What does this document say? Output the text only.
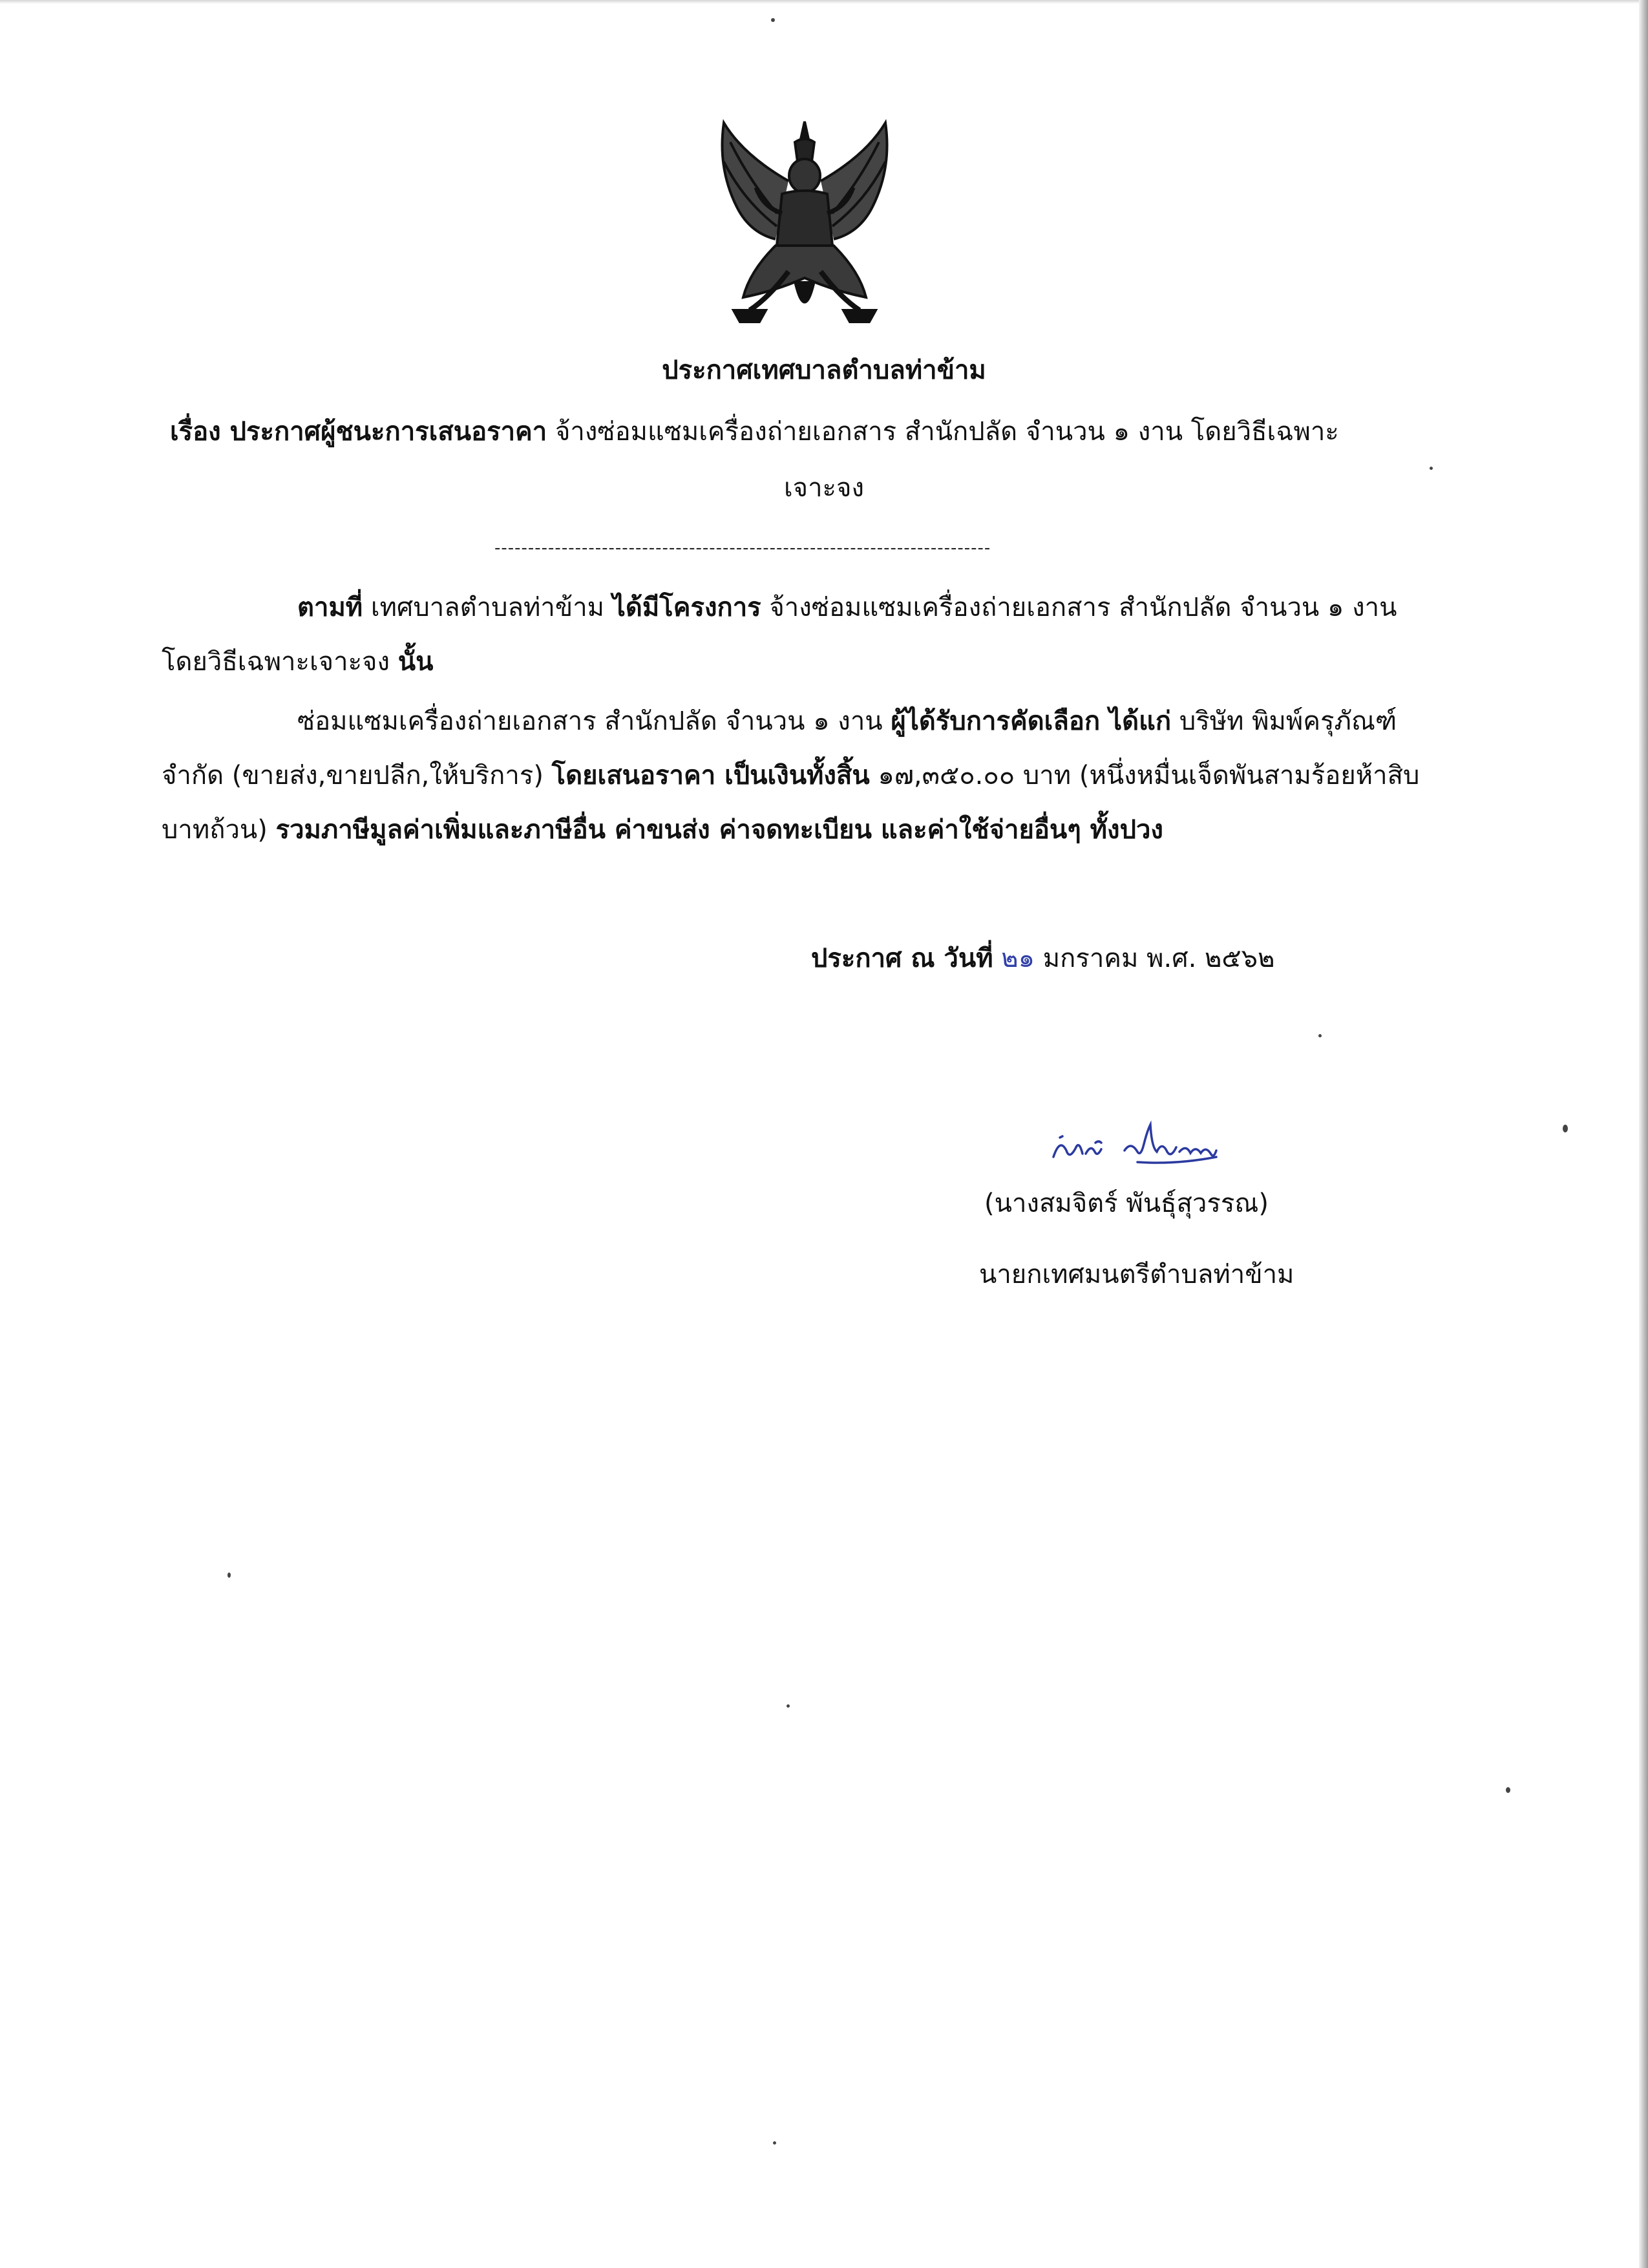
ประกาศเทศบาลตำบลท่าข้าม
เรื่อง ประกาศผู้ชนะการเสนอราคา จ้างซ่อมแซมเครื่องถ่ายเอกสาร สำนักปลัด จำนวน ๑ งาน โดยวิธีเฉพาะ
เจาะจง
--------------------------------------------------------------------------
ตามที่ เทศบาลตำบลท่าข้าม ได้มีโครงการ จ้างซ่อมแซมเครื่องถ่ายเอกสาร สำนักปลัด จำนวน ๑ งาน
โดยวิธีเฉพาะเจาะจง นั้น
ซ่อมแซมเครื่องถ่ายเอกสาร สำนักปลัด จำนวน ๑ งาน ผู้ได้รับการคัดเลือก ได้แก่ บริษัท พิมพ์ครุภัณฑ์
จำกัด (ขายส่ง,ขายปลีก,ให้บริการ) โดยเสนอราคา เป็นเงินทั้งสิ้น ๑๗,๓๕๐.๐๐ บาท (หนึ่งหมื่นเจ็ดพันสามร้อยห้าสิบ
บาทถ้วน) รวมภาษีมูลค่าเพิ่มและภาษีอื่น ค่าขนส่ง ค่าจดทะเบียน และค่าใช้จ่ายอื่นๆ ทั้งปวง
ประกาศ ณ วันที่ ๒๑ มกราคม พ.ศ. ๒๕๖๒
(นางสมจิตร์ พันธุ์สุวรรณ)
นายกเทศมนตรีตำบลท่าข้าม
